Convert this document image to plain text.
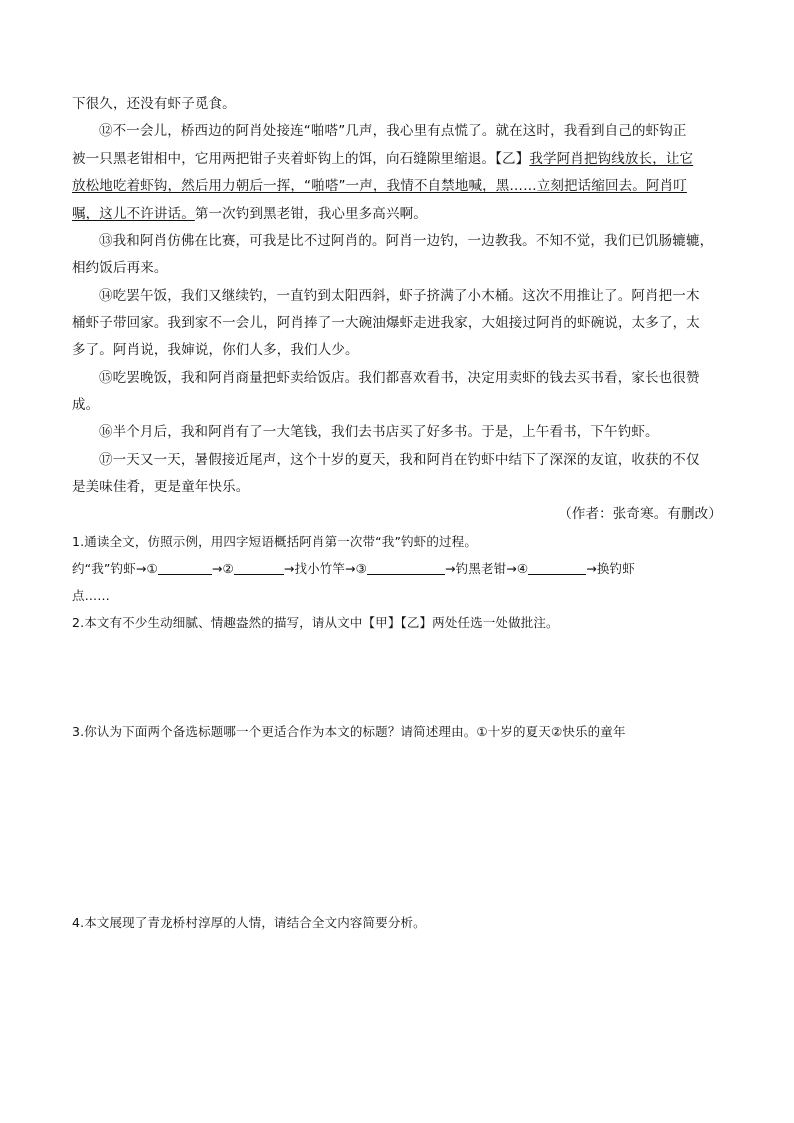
下很久，还没有虾子觅食。
⑫不一会儿，桥西边的阿肖处接连“啪嗒”几声，我心里有点慌了。就在这时，我看到自己的虾钩正
被一只黑老钳相中，它用两把钳子夹着虾钩上的饵，向石缝隙里缩退。【乙】我学阿肖把钩线放长，让它
放松地吃着虾钩，然后用力朝后一挥，“啪嗒”一声，我情不自禁地喊，黑……立刻把话缩回去。阿肖叮
嘱，这儿不许讲话。第一次钓到黑老钳，我心里多高兴啊。
⑬我和阿肖仿佛在比赛，可我是比不过阿肖的。阿肖一边钓，一边教我。不知不觉，我们已饥肠辘辘，
相约饭后再来。
⑭吃罢午饭，我们又继续钓，一直钓到太阳西斜，虾子挤满了小木桶。这次不用推让了。阿肖把一木
桶虾子带回家。我到家不一会儿，阿肖捧了一大碗油爆虾走进我家，大姐接过阿肖的虾碗说，太多了，太
多了。阿肖说，我婶说，你们人多，我们人少。
⑮吃罢晚饭，我和阿肖商量把虾卖给饭店。我们都喜欢看书，决定用卖虾的钱去买书看，家长也很赞
成。
⑯半个月后，我和阿肖有了一大笔钱，我们去书店买了好多书。于是，上午看书，下午钓虾。
⑰一天又一天，暑假接近尾声，这个十岁的夏天，我和阿肖在钓虾中结下了深深的友谊，收获的不仅
是美味佳肴，更是童年快乐。
（作者：张奇寒。有删改）
1.通读全文，仿照示例，用四字短语概括阿肖第一次带“我”钓虾的过程。
约“我”钓虾→①	→②	→找小竹竿→③	→钓黑老钳→④	→换钓虾
点……
2.本文有不少生动细腻、情趣盎然的描写，请从文中【甲】【乙】两处任选一处做批注。
3.你认为下面两个备选标题哪一个更适合作为本文的标题？请简述理由。①十岁的夏天②快乐的童年
4.本文展现了青龙桥村淳厚的人情，请结合全文内容简要分析。
